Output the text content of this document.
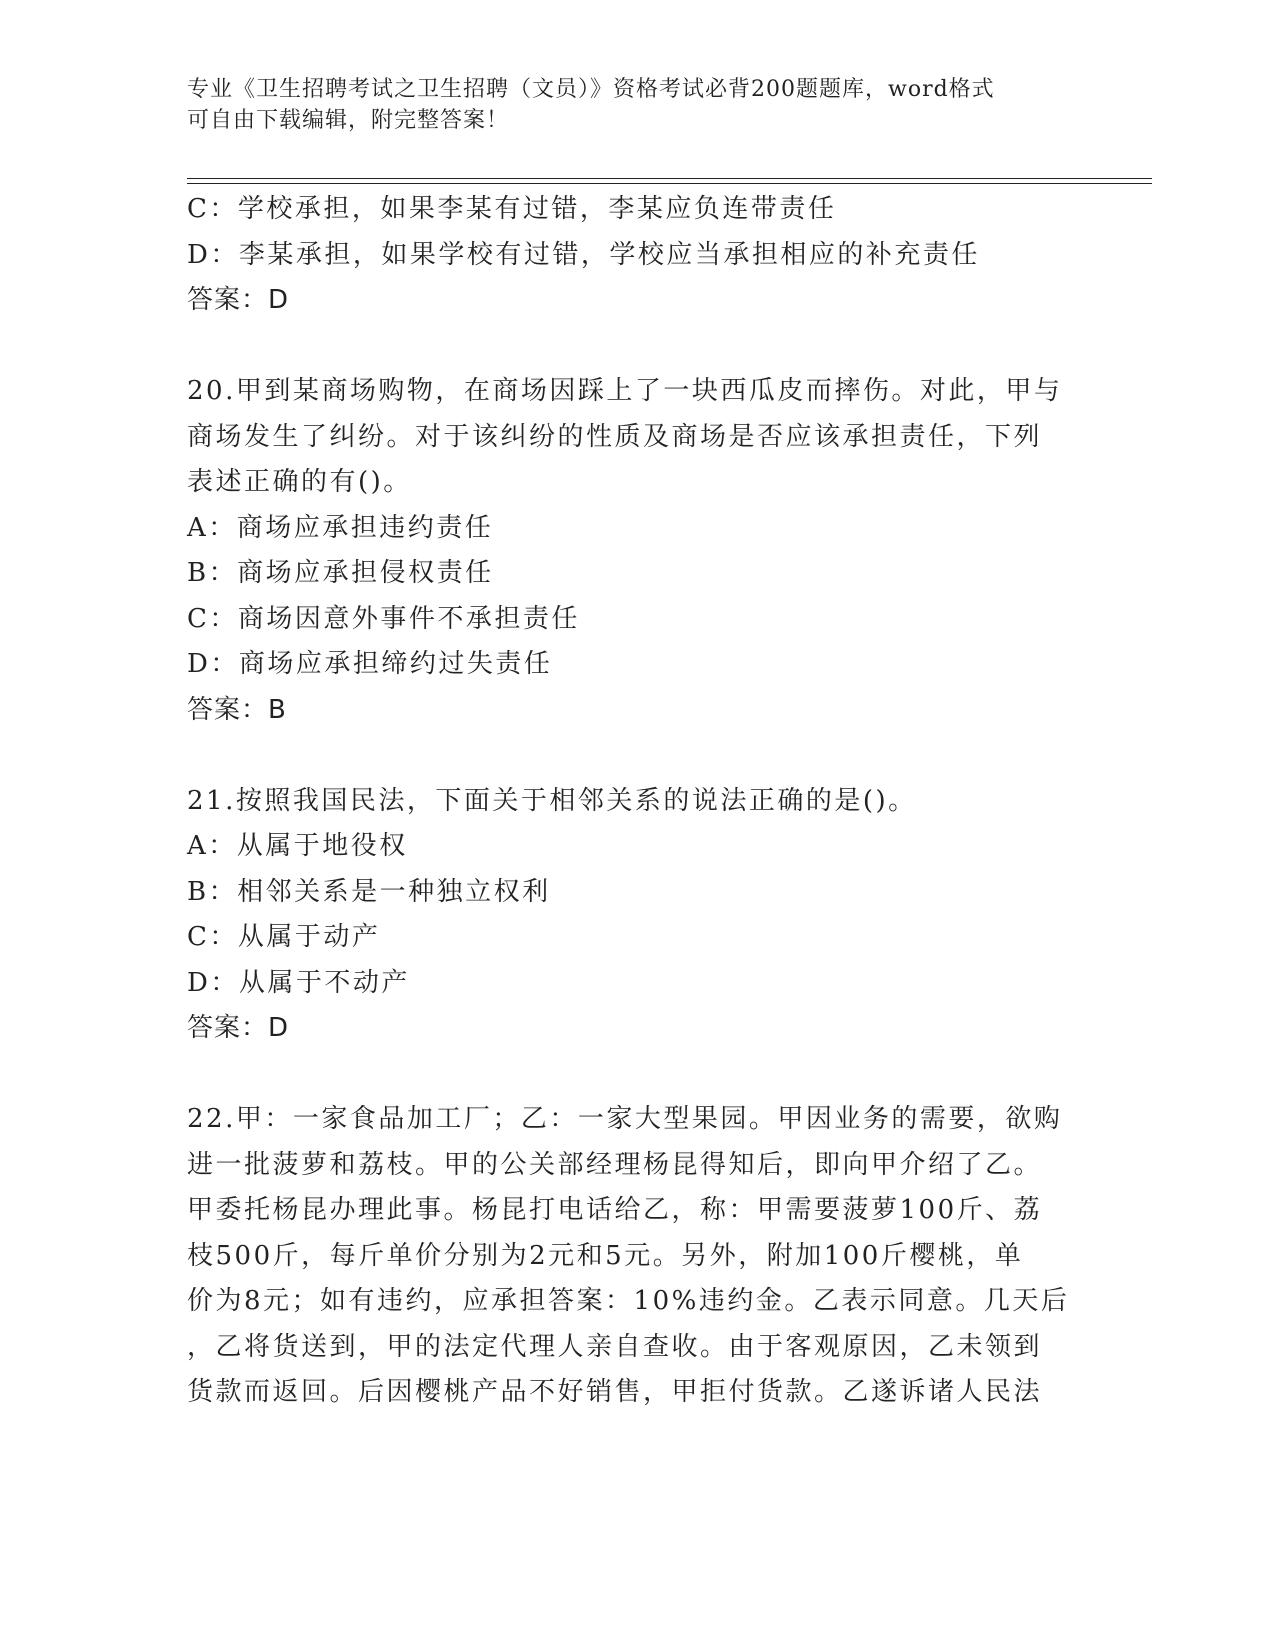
专业《卫生招聘考试之卫生招聘（文员）》资格考试必背200题题库，word格式

可自由下载编辑，附完整答案！

C：学校承担，如果李某有过错，李某应负连带责任

D：李某承担，如果学校有过错，学校应当承担相应的补充责任

答案：D

20.甲到某商场购物，在商场因踩上了一块西瓜皮而摔伤。对此，甲与

商场发生了纠纷。对于该纠纷的性质及商场是否应该承担责任，下列

表述正确的有()。

A：商场应承担违约责任

B：商场应承担侵权责任

C：商场因意外事件不承担责任

D：商场应承担缔约过失责任

答案：B

21.按照我国民法，下面关于相邻关系的说法正确的是()。

A：从属于地役权

B：相邻关系是一种独立权利

C：从属于动产

D：从属于不动产

答案：D

22.甲：一家食品加工厂；乙：一家大型果园。甲因业务的需要，欲购

进一批菠萝和荔枝。甲的公关部经理杨昆得知后，即向甲介绍了乙。

甲委托杨昆办理此事。杨昆打电话给乙，称：甲需要菠萝100斤、荔

枝500斤，每斤单价分别为2元和5元。另外，附加100斤樱桃，单

价为8元；如有违约，应承担答案：10%违约金。乙表示同意。几天后

，乙将货送到，甲的法定代理人亲自查收。由于客观原因，乙未领到

货款而返回。后因樱桃产品不好销售，甲拒付货款。乙遂诉诸人民法
